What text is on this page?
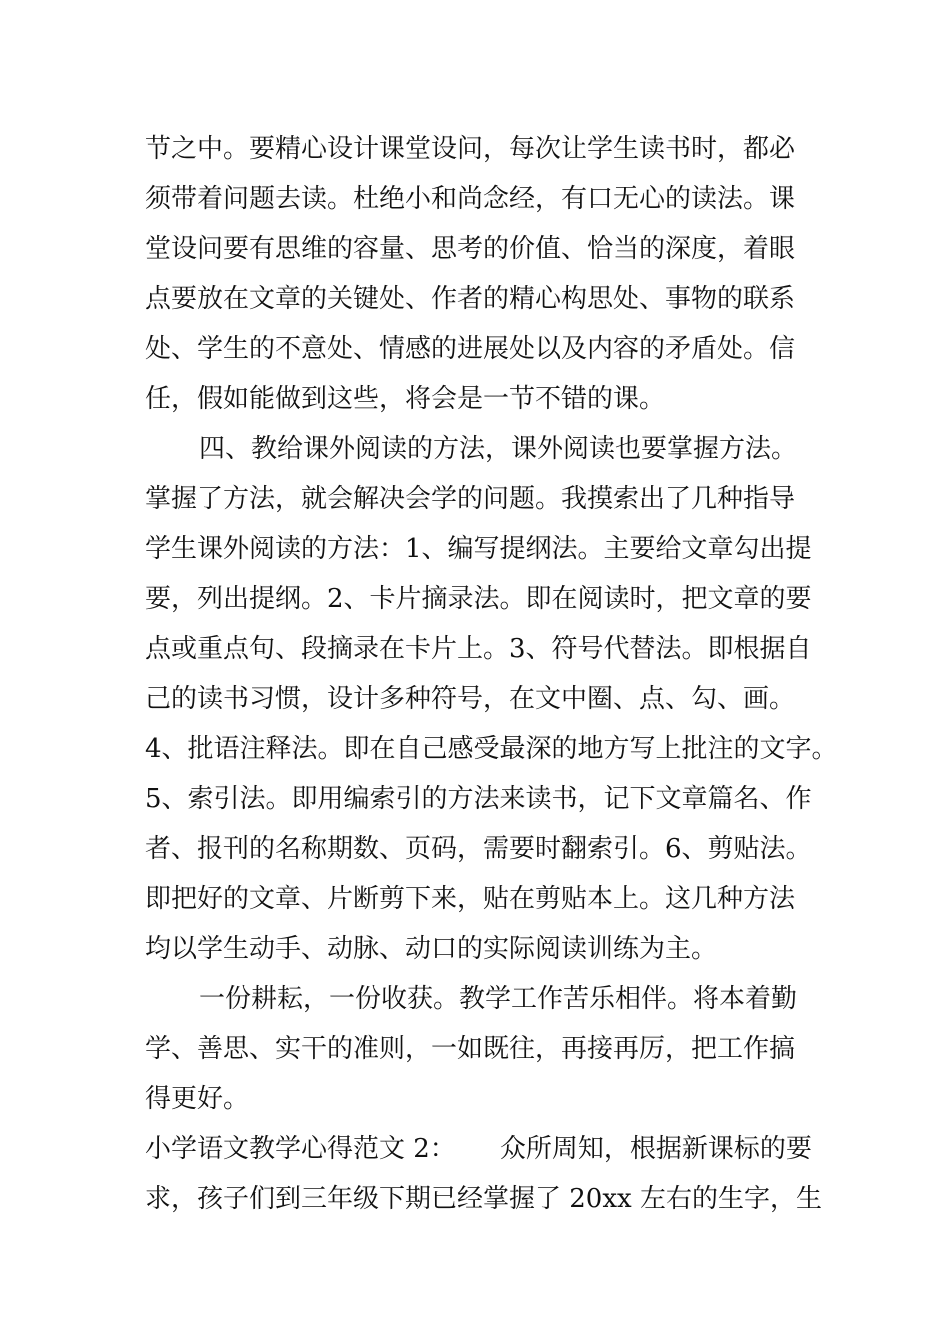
节之中。要精心设计课堂设问，每次让学生读书时，都必
须带着问题去读。杜绝小和尚念经，有口无心的读法。课
堂设问要有思维的容量、思考的价值、恰当的深度，着眼
点要放在文章的关键处、作者的精心构思处、事物的联系
处、学生的不意处、情感的进展处以及内容的矛盾处。信
任，假如能做到这些，将会是一节不错的课。
四、教给课外阅读的方法，课外阅读也要掌握方法。
掌握了方法，就会解决会学的问题。我摸索出了几种指导
学生课外阅读的方法：1、编写提纲法。主要给文章勾出提
要，列出提纲。2、卡片摘录法。即在阅读时，把文章的要
点或重点句、段摘录在卡片上。3、符号代替法。即根据自
己的读书习惯，设计多种符号，在文中圈、点、勾、画。
4、批语注释法。即在自己感受最深的地方写上批注的文字。
5、索引法。即用编索引的方法来读书，记下文章篇名、作
者、报刊的名称期数、页码，需要时翻索引。6、剪贴法。
即把好的文章、片断剪下来，贴在剪贴本上。这几种方法
均以学生动手、动脉、动口的实际阅读训练为主。
一份耕耘，一份收获。教学工作苦乐相伴。将本着勤
学、善思、实干的准则，一如既往，再接再厉，把工作搞
得更好。
小学语文教学心得范文 2： 众所周知，根据新课标的要
求，孩子们到三年级下期已经掌握了 20xx 左右的生字，生
